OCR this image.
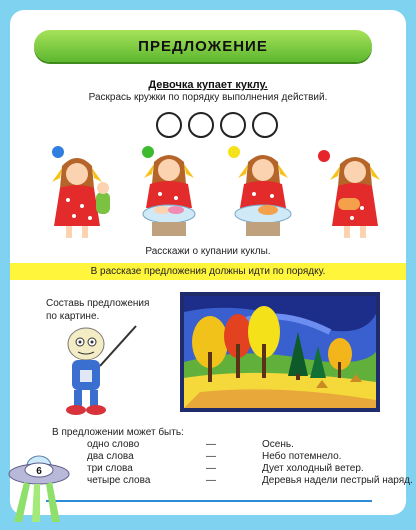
ПРЕДЛОЖЕНИЕ
Девочка купает куклу.
Раскрась кружки по порядку выполнения действий.
Расскажи о купании куклы.
В рассказе предложения должны идти по порядку.
Составь предложения
по картине.
В предложении может быть:
одно слово	—	Осень.
два слова	—	Небо потемнело.
три слова	—	Дует холодный ветер.
четыре слова	—	Деревья надели пестрый наряд.
6
